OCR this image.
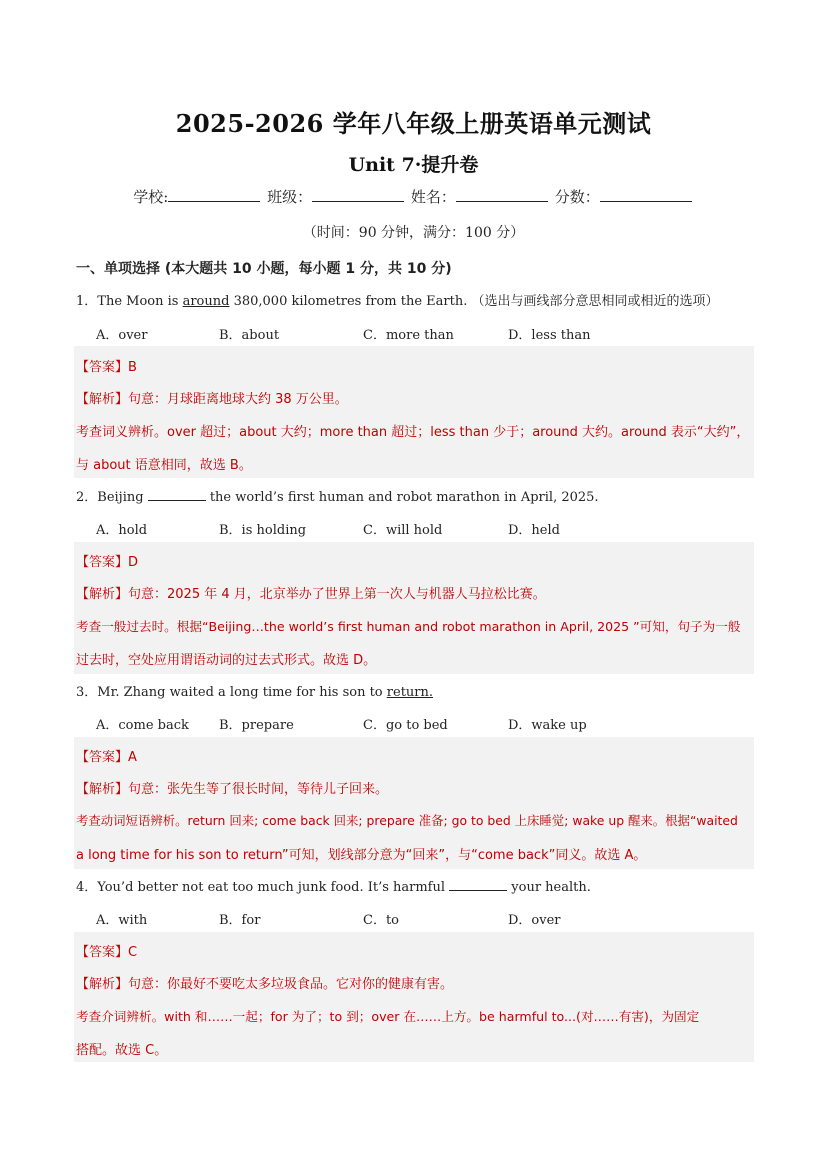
2025-2026 学年八年级上册英语单元测试
Unit 7·提升卷
学校:	班级：	姓名：	分数：
（时间：90 分钟，满分：100 分）
一、单项选择 (本大题共 10 小题，每小题 1 分，共 10 分)
1．The Moon is around 380,000 kilometres from the Earth. （选出与画线部分意思相同或相近的选项）
A．over	B．about	C．more than	D．less than
【答案】B
【解析】句意：月球距离地球大约 38 万公里。
考查词义辨析。over 超过；about 大约；more than 超过；less than 少于；around 大约。around 表示“大约”，
与 about 语意相同，故选 B。
2．Beijing	the world’s first human and robot marathon in April, 2025.
A．hold	B．is holding	C．will hold	D．held
【答案】D
【解析】句意：2025 年 4 月，北京举办了世界上第一次人与机器人马拉松比赛。
考查一般过去时。根据“Beijing…the world’s first human and robot marathon in April, 2025 ”可知，句子为一般
过去时，空处应用谓语动词的过去式形式。故选 D。
3．Mr. Zhang waited a long time for his son to return.
A．come back B．prepare	C．go to bed	D．wake up
【答案】A
【解析】句意：张先生等了很长时间，等待儿子回来。
考查动词短语辨析。return 回来; come back 回来; prepare 准备; go to bed 上床睡觉; wake up 醒来。根据“waited
a long time for his son to return”可知，划线部分意为“回来”，与“come back”同义。故选 A。
4．You’d better not eat too much junk food. It’s harmful	your health.
A．with	B．for	C．to	D．over
【答案】C
【解析】句意：你最好不要吃太多垃圾食品。它对你的健康有害。
考查介词辨析。with 和……一起；for 为了；to 到；over 在……上方。be harmful to...(对……有害)，为固定
搭配。故选 C。
